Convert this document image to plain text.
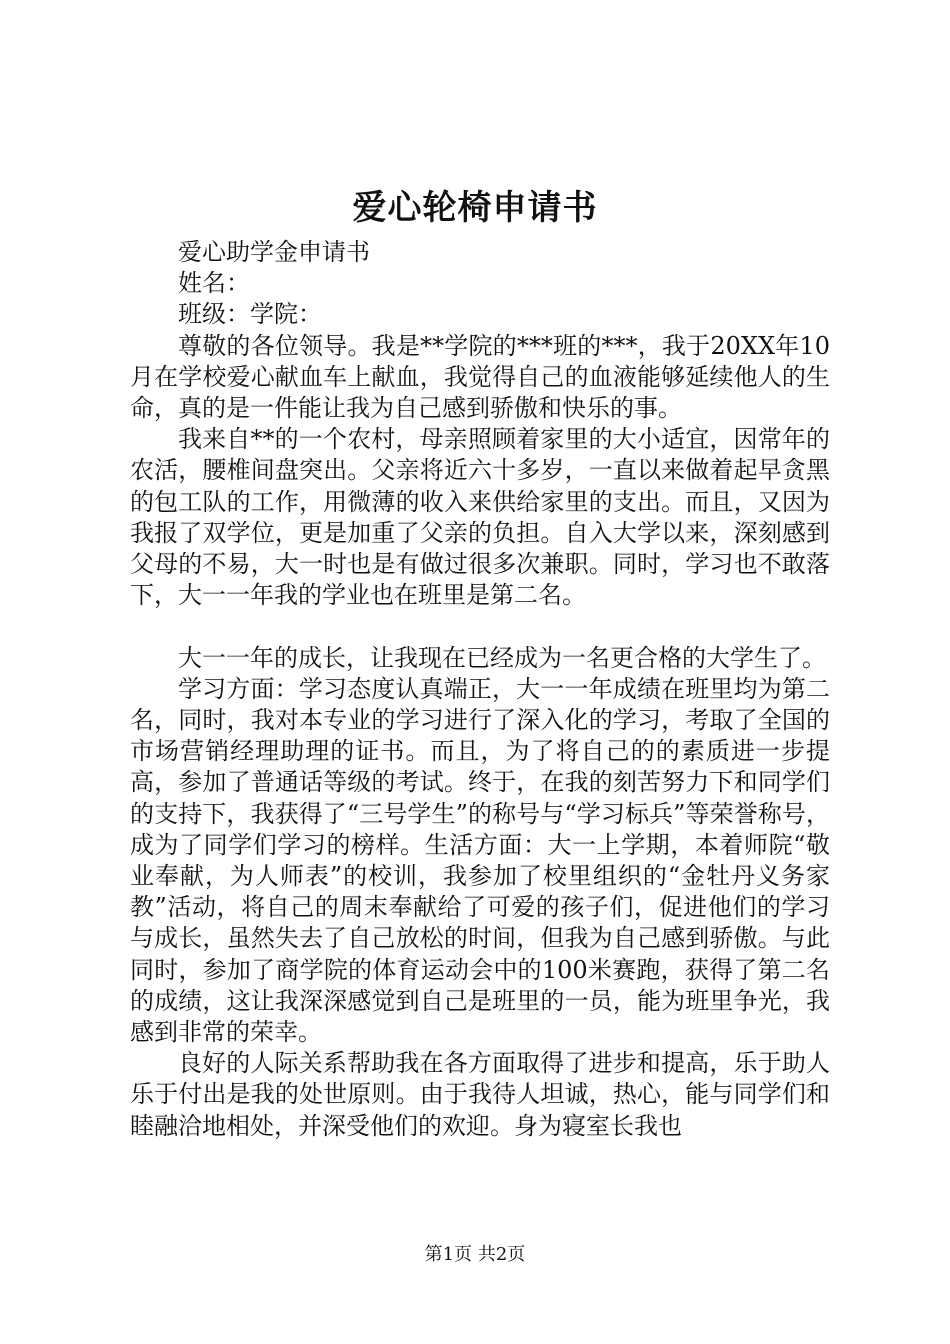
爱心轮椅申请书

爱心助学金申请书

姓名：

班级：学院：

尊敬的各位领导。我是**学院的***班的***，我于20XX年10月在学校爱心献血车上献血，我觉得自己的血液能够延续他人的生命，真的是一件能让我为自己感到骄傲和快乐的事。

我来自**的一个农村，母亲照顾着家里的大小适宜，因常年的农活，腰椎间盘突出。父亲将近六十多岁，一直以来做着起早贪黑的包工队的工作，用微薄的收入来供给家里的支出。而且，又因为我报了双学位，更是加重了父亲的负担。自入大学以来，深刻感到父母的不易，大一时也是有做过很多次兼职。同时，学习也不敢落下，大一一年我的学业也在班里是第二名。

大一一年的成长，让我现在已经成为一名更合格的大学生了。

学习方面：学习态度认真端正，大一一年成绩在班里均为第二名，同时，我对本专业的学习进行了深入化的学习，考取了全国的市场营销经理助理的证书。而且，为了将自己的的素质进一步提高，参加了普通话等级的考试。终于，在我的刻苦努力下和同学们的支持下，我获得了“三号学生”的称号与“学习标兵”等荣誉称号，成为了同学们学习的榜样。生活方面：大一上学期，本着师院“敬业奉献，为人师表”的校训，我参加了校里组织的“金牡丹义务家教”活动，将自己的周末奉献给了可爱的孩子们，促进他们的学习与成长，虽然失去了自己放松的时间，但我为自己感到骄傲。与此同时，参加了商学院的体育运动会中的100米赛跑，获得了第二名的成绩，这让我深深感觉到自己是班里的一员，能为班里争光，我感到非常的荣幸。

良好的人际关系帮助我在各方面取得了进步和提高，乐于助人乐于付出是我的处世原则。由于我待人坦诚，热心，能与同学们和睦融洽地相处，并深受他们的欢迎。身为寝室长我也

第1页 共2页
